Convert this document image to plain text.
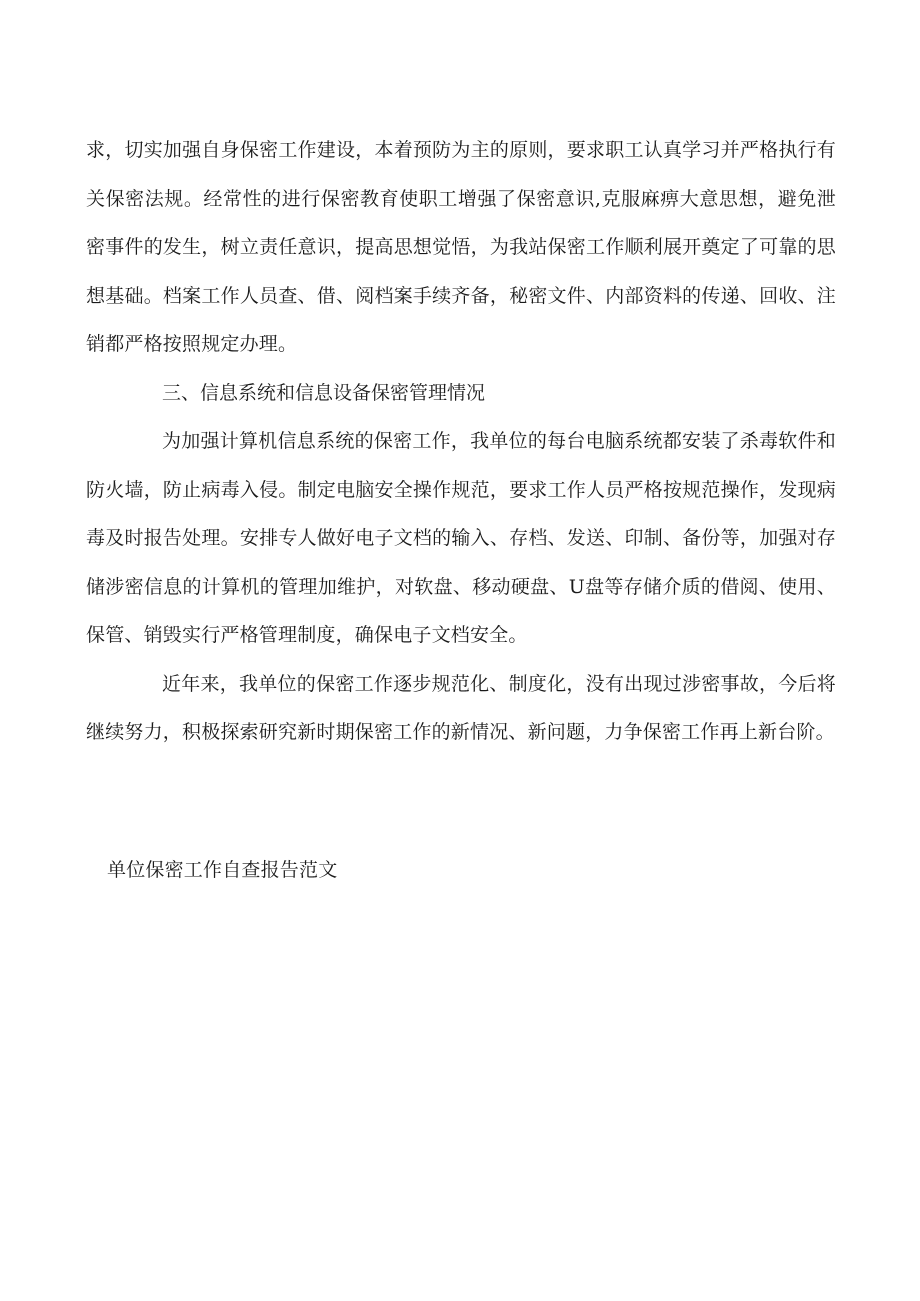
求，切实加强自身保密工作建设，本着预防为主的原则，要求职工认真学习并严格执行有关保密法规。经常性的进行保密教育使职工增强了保密意识,克服麻痹大意思想，避免泄密事件的发生，树立责任意识，提高思想觉悟，为我站保密工作顺利展开奠定了可靠的思想基础。档案工作人员查、借、阅档案手续齐备，秘密文件、内部资料的传递、回收、注销都严格按照规定办理。

三、信息系统和信息设备保密管理情况

为加强计算机信息系统的保密工作，我单位的每台电脑系统都安装了杀毒软件和防火墙，防止病毒入侵。制定电脑安全操作规范，要求工作人员严格按规范操作，发现病毒及时报告处理。安排专人做好电子文档的输入、存档、发送、印制、备份等，加强对存储涉密信息的计算机的管理加维护，对软盘、移动硬盘、U盘等存储介质的借阅、使用、保管、销毁实行严格管理制度，确保电子文档安全。

近年来，我单位的保密工作逐步规范化、制度化，没有出现过涉密事故，今后将继续努力，积极探索研究新时期保密工作的新情况、新问题，力争保密工作再上新台阶。

单位保密工作自查报告范文
